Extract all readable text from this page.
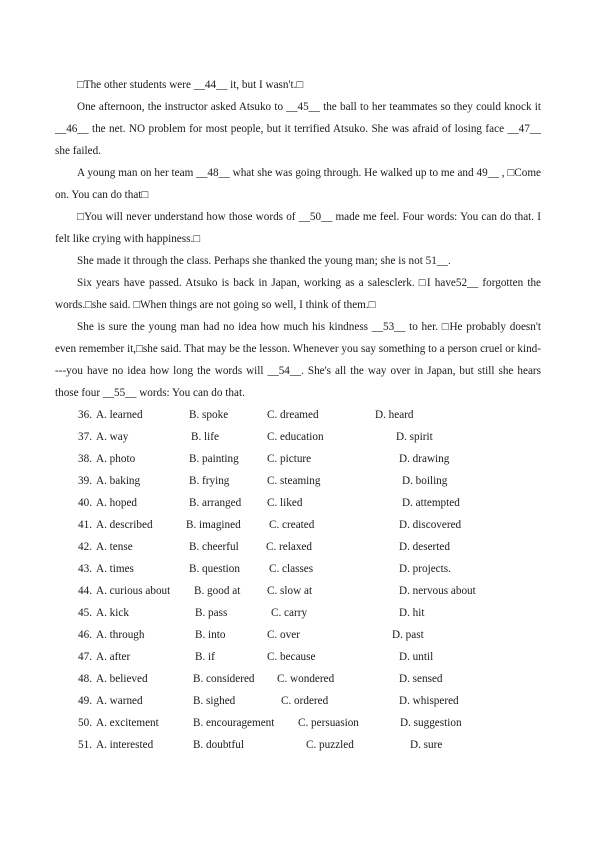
□The other students were __44__ it, but I wasn't.□

One afternoon, the instructor asked Atsuko to __45__ the ball to her teammates so they could knock it __46__ the net. NO problem for most people, but it terrified Atsuko. She was afraid of losing face __47__ she failed.

A young man on her team __48__ what she was going through. He walked up to me and 49__ , □Come on. You can do that□

□You will never understand how those words of __50__ made me feel. Four words: You can do that. I felt like crying with happiness.□

She made it through the class. Perhaps she thanked the young man; she is not 51__.

Six years have passed. Atsuko is back in Japan, working as a salesclerk. □I have52__ forgotten the words.□she said. □When things are not going so well, I think of them.□

She is sure the young man had no idea how much his kindness __53__ to her. □He probably doesn't even remember it,□she said. That may be the lesson. Whenever you say something to a person cruel or kind----you have no idea how long the words will __54__. She's all the way over in Japan, but still she hears those four __55__ words: You can do that.

36. A. learned	B. spoke	C. dreamed	D. heard
37. A. way	B. life	C. education	D. spirit
38. A. photo	B. painting	C. picture	D. drawing
39. A. baking	B. frying	C. steaming	D. boiling
40. A. hoped	B. arranged C. liked	D. attempted
41. A. described	B. imagined	C. created	D. discovered
42. A. tense	B. cheerful C. relaxed	D. deserted
43. A. times	B. question	C. classes	D. projects.
44. A. curious about B. good at C. slow at	D. nervous about
45. A. kick	B. pass	C. carry	D. hit
46. A. through	B. into	C. over	D. past
47. A. after	B. if	C. because	D. until
48. A. believed	B. considered C. wondered	D. sensed
49. A. warned	B. sighed	C. ordered	D. whispered
50. A. excitement	B. encouragement C. persuasion	D. suggestion
51. A. interested	B. doubtful	C. puzzled	D. sure
